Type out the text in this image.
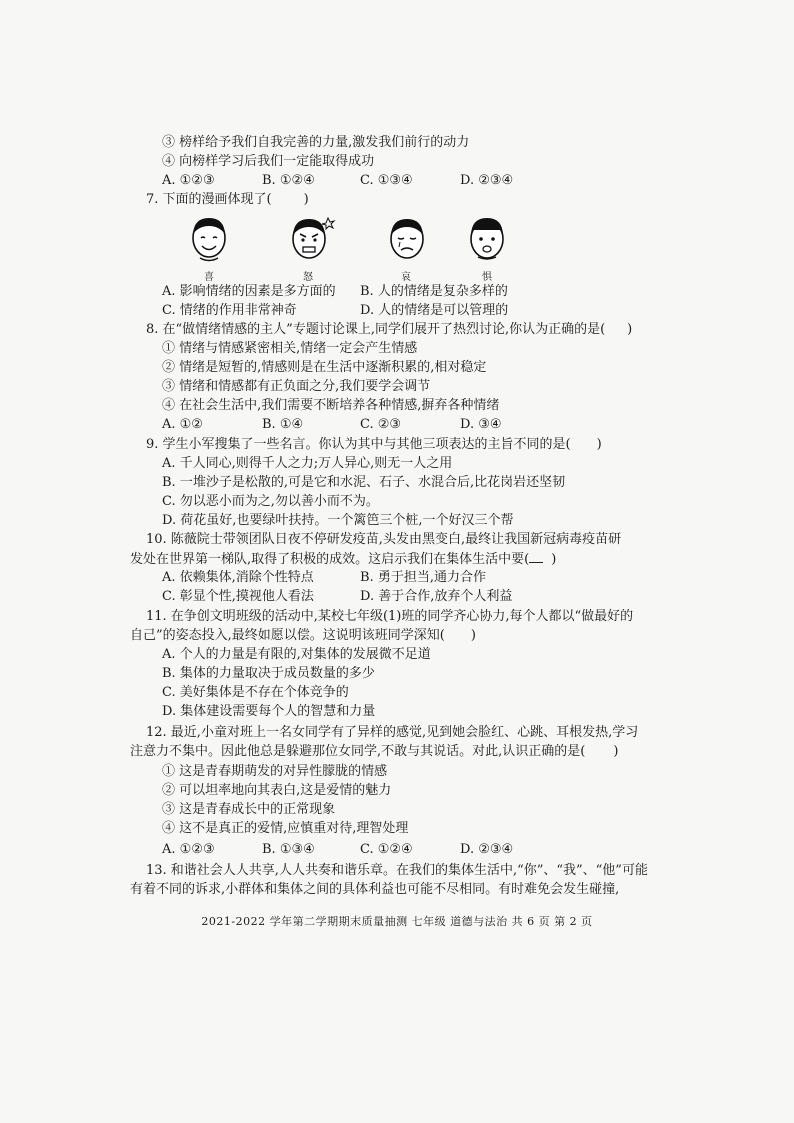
③ 榜样给予我们自我完善的力量,激发我们前行的动力
④ 向榜样学习后我们一定能取得成功
A. ①②③	B. ①②④	C. ①③④	D. ②③④
7. 下面的漫画体现了( )
喜	怒	哀	惧
A. 影响情绪的因素是多方面的 B. 人的情绪是复杂多样的
C. 情绪的作用非常神奇	D. 人的情绪是可以管理的
8. 在“做情绪情感的主人”专题讨论课上,同学们展开了热烈讨论,你认为正确的是( )
① 情绪与情感紧密相关,情绪一定会产生情感
② 情绪是短暂的,情感则是在生活中逐渐积累的,相对稳定
③ 情绪和情感都有正负面之分,我们要学会调节
④ 在社会生活中,我们需要不断培养各种情感,摒弃各种情绪
A. ①②	B. ①④	C. ②③	D. ③④
9. 学生小军搜集了一些名言。你认为其中与其他三项表达的主旨不同的是( )
A. 千人同心,则得千人之力;万人异心,则无一人之用
B. 一堆沙子是松散的,可是它和水泥、石子、水混合后,比花岗岩还坚韧
C. 勿以恶小而为之,勿以善小而不为。
D. 荷花虽好,也要绿叶扶持。一个篱笆三个桩,一个好汉三个帮
10. 陈薇院士带领团队日夜不停研发疫苗,头发由黑变白,最终让我国新冠病毒疫苗研
发处在世界第一梯队,取得了积极的成效。这启示我们在集体生活中要( )
A. 依赖集体,消除个性特点	B. 勇于担当,通力合作
C. 彰显个性,摸视他人看法	D. 善于合作,放弃个人利益
11. 在争创文明班级的活动中,某校七年级(1)班的同学齐心协力,每个人都以“做最好的
自己”的姿态投入,最终如愿以偿。这说明该班同学深知( )
A. 个人的力量是有限的,对集体的发展微不足道
B. 集体的力量取决于成员数量的多少
C. 美好集体是不存在个体竞争的
D. 集体建设需要每个人的智慧和力量
12. 最近,小童对班上一名女同学有了异样的感觉,见到她会脸红、心跳、耳根发热,学习
注意力不集中。因此他总是躲避那位女同学,不敢与其说话。对此,认识正确的是( )
① 这是青春期萌发的对异性朦胧的情感
② 可以坦率地向其表白,这是爱情的魅力
③ 这是青春成长中的正常现象
④ 这不是真正的爱情,应慎重对待,理智处理
A. ①②③	B. ①③④	C. ①②④	D. ②③④
13. 和谐社会人人共享,人人共奏和谐乐章。在我们的集体生活中,“你”、“我”、“他”可能
有着不同的诉求,小群体和集体之间的具体利益也可能不尽相同。有时难免会发生碰撞,
2021-2022 学年第二学期期末质量抽测 七年级 道德与法治 共 6 页 第 2 页
